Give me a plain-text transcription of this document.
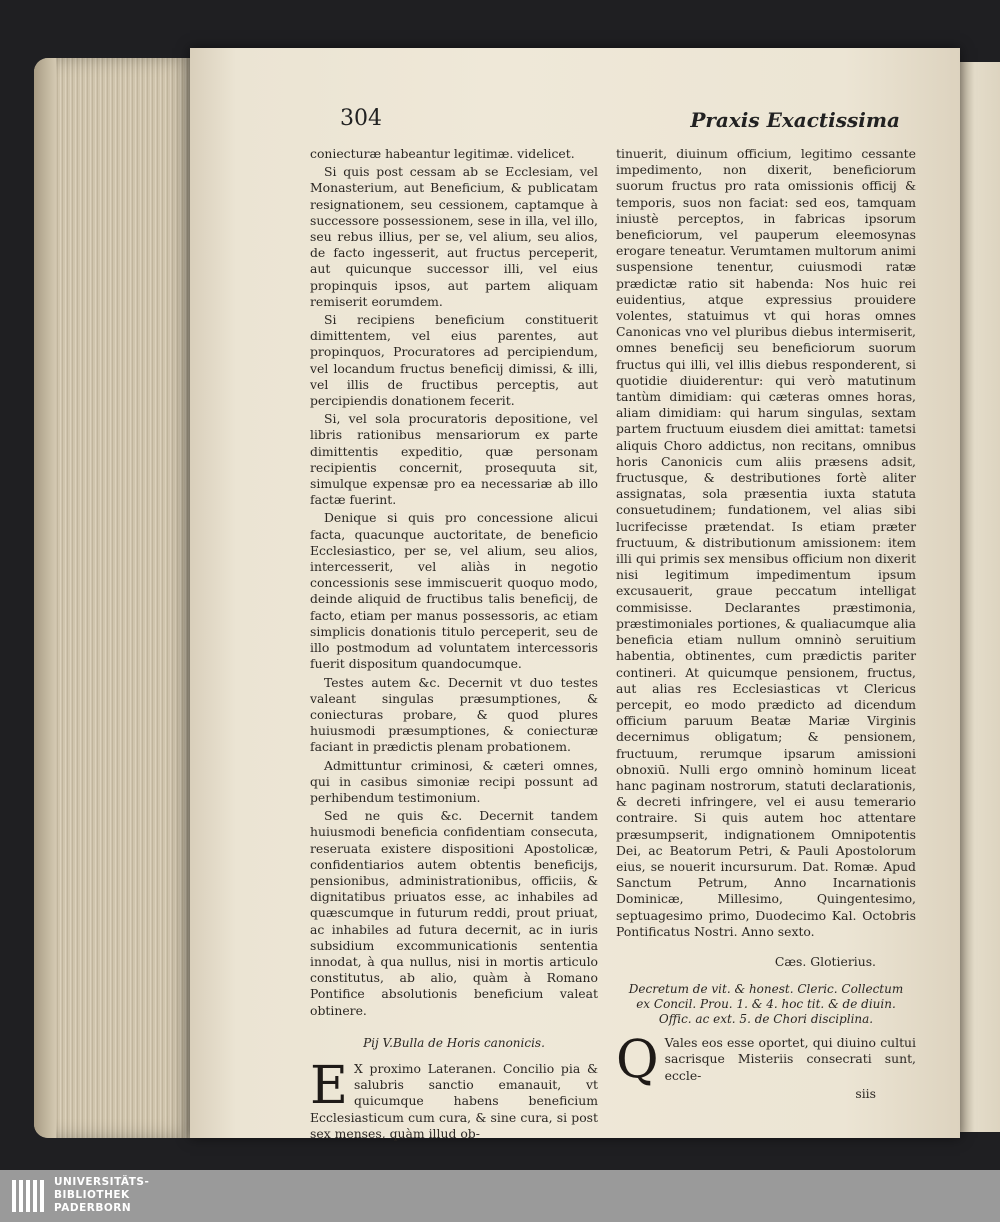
304	Praxis Exactissima

coniecturæ habeantur legitimæ. videlicet.

Si quis post cessam ab se Ecclesiam, vel Monasterium, aut Beneficium, & publicatam resignationem, seu cessionem, captamque à successore possessionem, sese in illa, vel illo, seu rebus illius, per se, vel alium, seu alios, de facto ingesserit, aut fructus perceperit, aut quicunque successor illi, vel eius propinquis ipsos, aut partem aliquam remiserit eorumdem.

Si recipiens beneficium constituerit dimittentem, vel eius parentes, aut propinquos, Procuratores ad percipiendum, vel locandum fructus beneficij dimissi, & illi, vel illis de fructibus perceptis, aut percipiendis donationem fecerit.

Si, vel sola procuratoris depositione, vel libris rationibus mensariorum ex parte dimittentis expeditio, quæ personam recipientis concernit, prosequuta sit, simulque expensæ pro ea necessariæ ab illo factæ fuerint.

Denique si quis pro concessione alicui facta, quacunque auctoritate, de beneficio Ecclesiastico, per se, vel alium, seu alios, intercesserit, vel aliàs in negotio concessionis sese immiscuerit quoquo modo, deinde aliquid de fructibus talis beneficij, de facto, etiam per manus possessoris, ac etiam simplicis donationis titulo perceperit, seu de illo postmodum ad voluntatem intercessoris fuerit dispositum quandocumque.

Testes autem &c. Decernit vt duo testes valeant singulas præsumptiones, & coniecturas probare, & quod plures huiusmodi præsumptiones, & coniecturæ faciant in prædictis plenam probationem.

Admittuntur criminosi, & cæteri omnes, qui in casibus simoniæ recipi possunt ad perhibendum testimonium.

Sed ne quis &c. Decernit tandem huiusmodi beneficia confidentiam consecuta, reseruata existere dispositioni Apostolicæ, confidentiarios autem obtentis beneficijs, pensionibus, administrationibus, officiis, & dignitatibus priuatos esse, ac inhabiles ad quæscumque in futurum reddi, prout priuat, ac inhabiles ad futura decernit, ac in iuris subsidium excommunicationis sententia innodat, à qua nullus, nisi in mortis articulo constitutus, ab alio, quàm à Romano Pontifice absolutionis beneficium valeat obtinere.

Pij V.Bulla de Horis canonicis.

E X proximo Lateranen. Concilio pia & salubris sanctio emanauit, vt quicumque habens beneficium Ecclesiasticum cum cura, & sine cura, si post sex menses, quàm illud ob-

tinuerit, diuinum officium, legitimo cessante impedimento, non dixerit, beneficiorum suorum fructus pro rata omissionis officij & temporis, suos non faciat: sed eos, tamquam iniustè perceptos, in fabricas ipsorum beneficiorum, vel pauperum eleemosynas erogare teneatur. Verumtamen multorum animi suspensione tenentur, cuiusmodi ratæ prædictæ ratio sit habenda: Nos huic rei euidentius, atque expressius prouidere volentes, statuimus vt qui horas omnes Canonicas vno vel pluribus diebus intermiserit, omnes beneficij seu beneficiorum suorum fructus qui illi, vel illis diebus responderent, si quotidie diuiderentur: qui verò matutinum tantùm dimidiam: qui cæteras omnes horas, aliam dimidiam: qui harum singulas, sextam partem fructuum eiusdem diei amittat: tametsi aliquis Choro addictus, non recitans, omnibus horis Canonicis cum aliis præsens adsit, fructusque, & destributiones fortè aliter assignatas, sola præsentia iuxta statuta consuetudinem; fundationem, vel alias sibi lucrifecisse prætendat. Is etiam præter fructuum, & distributionum amissionem: item illi qui primis sex mensibus officium non dixerit nisi legitimum impedimentum ipsum excusauerit, graue peccatum intelligat commisisse. Declarantes præstimonia, præstimoniales portiones, & qualiacumque alia beneficia etiam nullum omninò seruitium habentia, obtinentes, cum prædictis pariter contineri. At quicumque pensionem, fructus, aut alias res Ecclesiasticas vt Clericus percepit, eo modo prædicto ad dicendum officium paruum Beatæ Mariæ Virginis decernimus obligatum; & pensionem, fructuum, rerumque ipsarum amissioni obnoxiū. Nulli ergo omninò hominum liceat hanc paginam nostrorum, statuti declarationis, & decreti infringere, vel ei ausu temerario contraire. Si quis autem hoc attentare præsumpserit, indignationem Omnipotentis Dei, ac Beatorum Petri, & Pauli Apostolorum eius, se nouerit incursurum. Dat. Romæ. Apud Sanctum Petrum, Anno Incarnationis Dominicæ, Millesimo, Quingentesimo, septuagesimo primo, Duodecimo Kal. Octobris Pontificatus Nostri. Anno sexto.

Cæs. Glotierius.
Decretum de vit. & honest. Cleric. Collectum ex Concil. Prou. 1. & 4. hoc tit. & de diuin. Offic. ac ext. 5. de Chori disciplina.

Q Vales eos esse oportet, qui diuino cultui sacrisque Misteriis consecrati sunt, eccle-

siis
UNIVERSITÄTS-
BIBLIOTHEK
PADERBORN
